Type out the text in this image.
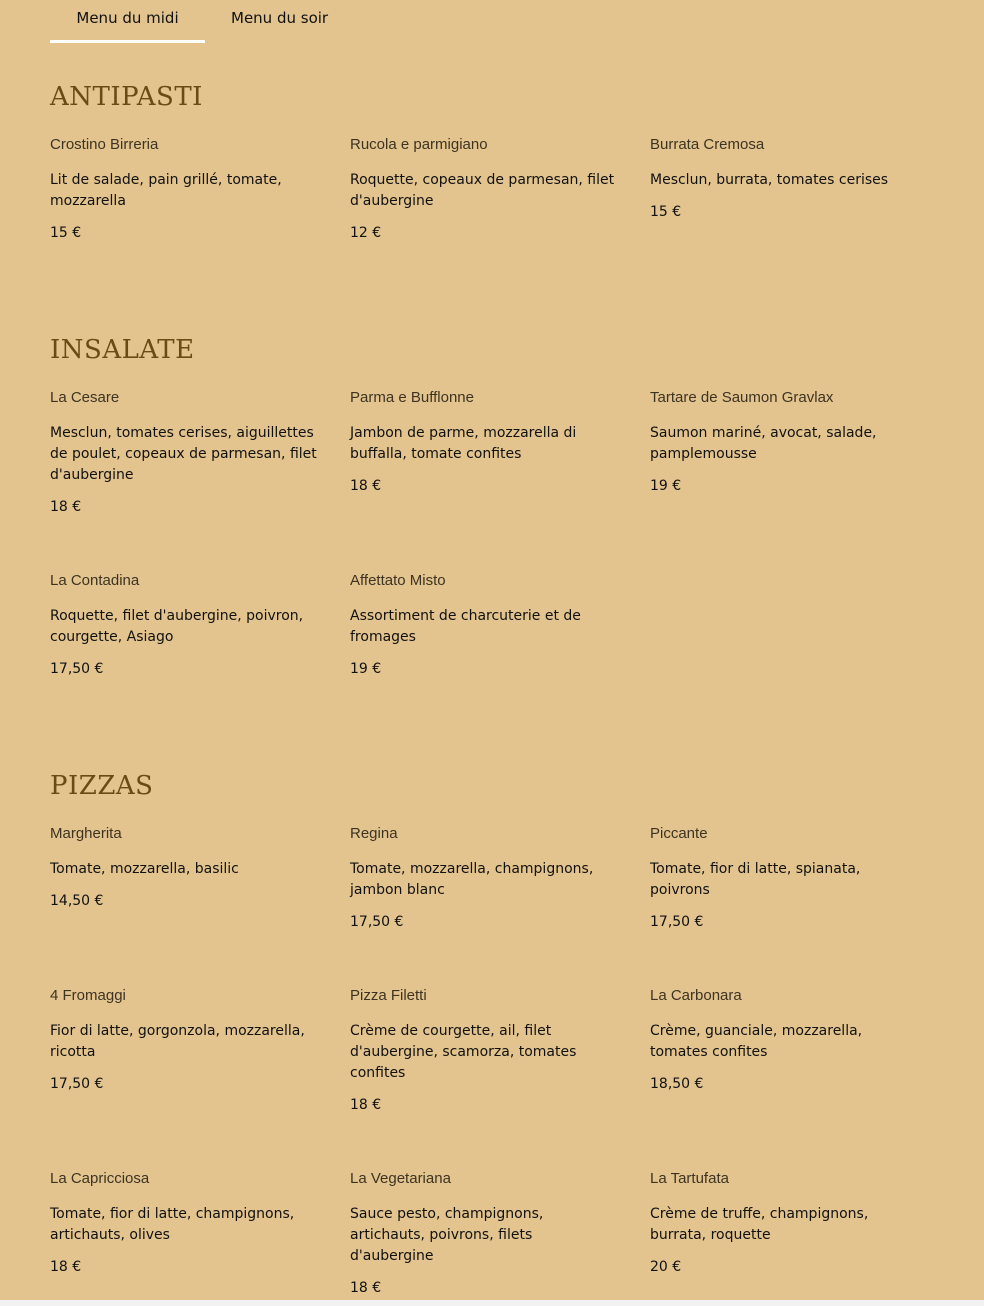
Menu du midi	Menu du soir
ANTIPASTI
Crostino Birreria
Lit de salade, pain grillé, tomate, mozzarella
15 €
Rucola e parmigiano
Roquette, copeaux de parmesan, filet d'aubergine
12 €
Burrata Cremosa
Mesclun, burrata, tomates cerises
15 €
INSALATE
La Cesare
Mesclun, tomates cerises, aiguillettes de poulet, copeaux de parmesan, filet d'aubergine
18 €
Parma e Bufflonne
Jambon de parme, mozzarella di buffalla, tomate confites
18 €
Tartare de Saumon Gravlax
Saumon mariné, avocat, salade, pamplemousse
19 €
La Contadina
Roquette, filet d'aubergine, poivron, courgette, Asiago
17,50 €
Affettato Misto
Assortiment de charcuterie et de fromages
19 €
PIZZAS
Margherita
Tomate, mozzarella, basilic
14,50 €
Regina
Tomate, mozzarella, champignons, jambon blanc
17,50 €
Piccante
Tomate, fior di latte, spianata, poivrons
17,50 €
4 Fromaggi
Fior di latte, gorgonzola, mozzarella, ricotta
17,50 €
Pizza Filetti
Crème de courgette, ail, filet d'aubergine, scamorza, tomates confites
18 €
La Carbonara
Crème, guanciale, mozzarella, tomates confites
18,50 €
La Capricciosa
Tomate, fior di latte, champignons, artichauts, olives
18 €
La Vegetariana
Sauce pesto, champignons, artichauts, poivrons, filets d'aubergine
18 €
La Tartufata
Crème de truffe, champignons, burrata, roquette
20 €
